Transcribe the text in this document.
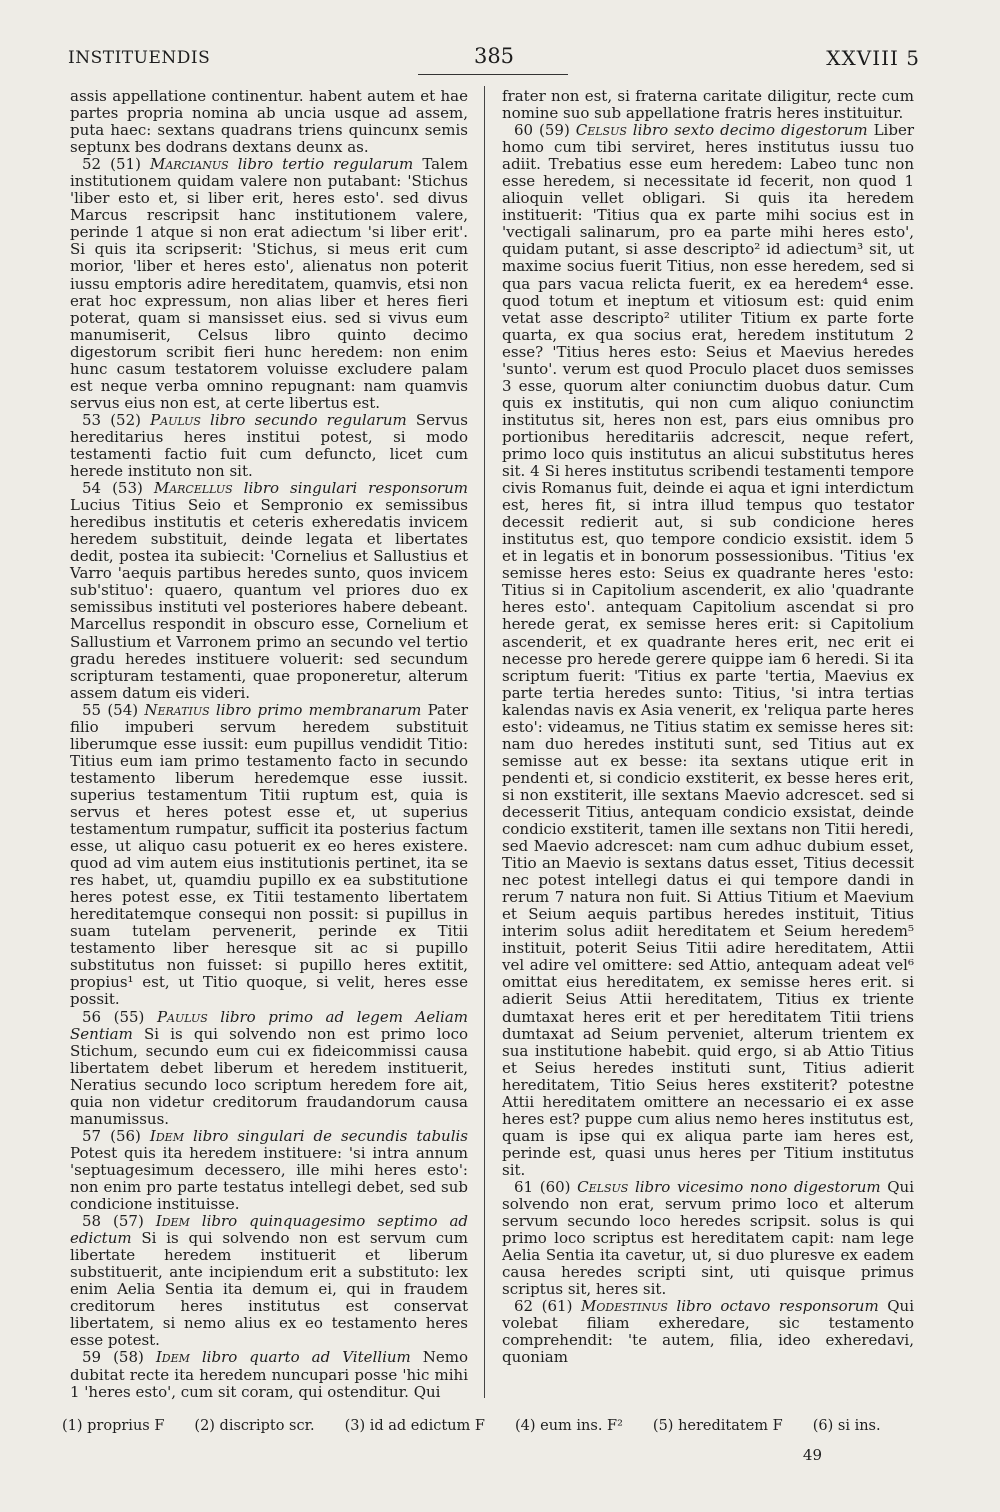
INSTITUENDIS	385	XXVIII 5

assis appellatione continentur. habent autem et hae partes propria nomina ab uncia usque ad assem, puta haec: sextans quadrans triens quincunx semis septunx bes dodrans dextans deunx as.

52 (51) Marcianus libro tertio regularum Talem institutionem quidam valere non putabant: 'Stichus 'liber esto et, si liber erit, heres esto'. sed divus Marcus rescripsit hanc institutionem valere, perinde 1 atque si non erat adiectum 'si liber erit'. Si quis ita scripserit: 'Stichus, si meus erit cum morior, 'liber et heres esto', alienatus non poterit iussu emptoris adire hereditatem, quamvis, etsi non erat hoc expressum, non alias liber et heres fieri poterat, quam si mansisset eius. sed si vivus eum manumiserit, Celsus libro quinto decimo digestorum scribit fieri hunc heredem: non enim hunc casum testatorem voluisse excludere palam est neque verba omnino repugnant: nam quamvis servus eius non est, at certe libertus est.

53 (52) Paulus libro secundo regularum Servus hereditarius heres institui potest, si modo testamenti factio fuit cum defuncto, licet cum herede instituto non sit.

54 (53) Marcellus libro singulari responsorum Lucius Titius Seio et Sempronio ex semissibus heredibus institutis et ceteris exheredatis invicem heredem substituit, deinde legata et libertates dedit, postea ita subiecit: 'Cornelius et Sallustius et Varro 'aequis partibus heredes sunto, quos invicem sub'stituo': quaero, quantum vel priores duo ex semissibus instituti vel posteriores habere debeant. Marcellus respondit in obscuro esse, Cornelium et Sallustium et Varronem primo an secundo vel tertio gradu heredes instituere voluerit: sed secundum scripturam testamenti, quae proponeretur, alterum assem datum eis videri.

55 (54) Neratius libro primo membranarum Pater filio impuberi servum heredem substituit liberumque esse iussit: eum pupillus vendidit Titio: Titius eum iam primo testamento facto in secundo testamento liberum heredemque esse iussit. superius testamentum Titii ruptum est, quia is servus et heres potest esse et, ut superius testamentum rumpatur, sufficit ita posterius factum esse, ut aliquo casu potuerit ex eo heres existere. quod ad vim autem eius institutionis pertinet, ita se res habet, ut, quamdiu pupillo ex ea substitutione heres potest esse, ex Titii testamento libertatem hereditatemque consequi non possit: si pupillus in suam tutelam pervenerit, perinde ex Titii testamento liber heresque sit ac si pupillo substitutus non fuisset: si pupillo heres extitit, propius¹ est, ut Titio quoque, si velit, heres esse possit.

56 (55) Paulus libro primo ad legem Aeliam Sentiam Si is qui solvendo non est primo loco Stichum, secundo eum cui ex fideicommissi causa libertatem debet liberum et heredem instituerit, Neratius secundo loco scriptum heredem fore ait, quia non videtur creditorum fraudandorum causa manumissus.

57 (56) Idem libro singulari de secundis tabulis Potest quis ita heredem instituere: 'si intra annum 'septuagesimum decessero, ille mihi heres esto': non enim pro parte testatus intellegi debet, sed sub condicione instituisse.

58 (57) Idem libro quinquagesimo septimo ad edictum Si is qui solvendo non est servum cum libertate heredem instituerit et liberum substituerit, ante incipiendum erit a substituto: lex enim Aelia Sentia ita demum ei, qui in fraudem creditorum heres institutus est conservat libertatem, si nemo alius ex eo testamento heres esse potest.

59 (58) Idem libro quarto ad Vitellium Nemo dubitat recte ita heredem nuncupari posse 'hic mihi 1 'heres esto', cum sit coram, qui ostenditur. Qui

frater non est, si fraterna caritate diligitur, recte cum nomine suo sub appellatione fratris heres instituitur.

60 (59) Celsus libro sexto decimo digestorum Liber homo cum tibi serviret, heres institutus iussu tuo adiit. Trebatius esse eum heredem: Labeo tunc non esse heredem, si necessitate id fecerit, non quod 1 alioquin vellet obligari. Si quis ita heredem instituerit: 'Titius qua ex parte mihi socius est in 'vectigali salinarum, pro ea parte mihi heres esto', quidam putant, si asse descripto² id adiectum³ sit, ut maxime socius fuerit Titius, non esse heredem, sed si qua pars vacua relicta fuerit, ex ea heredem⁴ esse. quod totum et ineptum et vitiosum est: quid enim vetat asse descripto² utiliter Titium ex parte forte quarta, ex qua socius erat, heredem institutum 2 esse? 'Titius heres esto: Seius et Maevius heredes 'sunto'. verum est quod Proculo placet duos semisses 3 esse, quorum alter coniunctim duobus datur. Cum quis ex institutis, qui non cum aliquo coniunctim institutus sit, heres non est, pars eius omnibus pro portionibus hereditariis adcrescit, neque refert, primo loco quis institutus an alicui substitutus heres sit. 4 Si heres institutus scribendi testamenti tempore civis Romanus fuit, deinde ei aqua et igni interdictum est, heres fit, si intra illud tempus quo testator decessit redierit aut, si sub condicione heres institutus est, quo tempore condicio exsistit. idem 5 et in legatis et in bonorum possessionibus. 'Titius 'ex semisse heres esto: Seius ex quadrante heres 'esto: Titius si in Capitolium ascenderit, ex alio 'quadrante heres esto'. antequam Capitolium ascendat si pro herede gerat, ex semisse heres erit: si Capitolium ascenderit, et ex quadrante heres erit, nec erit ei necesse pro herede gerere quippe iam 6 heredi. Si ita scriptum fuerit: 'Titius ex parte 'tertia, Maevius ex parte tertia heredes sunto: Titius, 'si intra tertias kalendas navis ex Asia venerit, ex 'reliqua parte heres esto': videamus, ne Titius statim ex semisse heres sit: nam duo heredes instituti sunt, sed Titius aut ex semisse aut ex besse: ita sextans utique erit in pendenti et, si condicio exstiterit, ex besse heres erit, si non exstiterit, ille sextans Maevio adcrescet. sed si decesserit Titius, antequam condicio exsistat, deinde condicio exstiterit, tamen ille sextans non Titii heredi, sed Maevio adcrescet: nam cum adhuc dubium esset, Titio an Maevio is sextans datus esset, Titius decessit nec potest intellegi datus ei qui tempore dandi in rerum 7 natura non fuit. Si Attius Titium et Maevium et Seium aequis partibus heredes instituit, Titius interim solus adiit hereditatem et Seium heredem⁵ instituit, poterit Seius Titii adire hereditatem, Attii vel adire vel omittere: sed Attio, antequam adeat vel⁶ omittat eius hereditatem, ex semisse heres erit. si adierit Seius Attii hereditatem, Titius ex triente dumtaxat heres erit et per hereditatem Titii triens dumtaxat ad Seium perveniet, alterum trientem ex sua institutione habebit. quid ergo, si ab Attio Titius et Seius heredes instituti sunt, Titius adierit hereditatem, Titio Seius heres exstiterit? potestne Attii hereditatem omittere an necessario ei ex asse heres est? puppe cum alius nemo heres institutus est, quam is ipse qui ex aliqua parte iam heres est, perinde est, quasi unus heres per Titium institutus sit.

61 (60) Celsus libro vicesimo nono digestorum Qui solvendo non erat, servum primo loco et alterum servum secundo loco heredes scripsit. solus is qui primo loco scriptus est hereditatem capit: nam lege Aelia Sentia ita cavetur, ut, si duo pluresve ex eadem causa heredes scripti sint, uti quisque primus scriptus sit, heres sit.

62 (61) Modestinus libro octavo responsorum Qui volebat filiam exheredare, sic testamento comprehendit: 'te autem, filia, ideo exheredavi, quoniam

(1) proprius F (2) discripto scr. (3) id ad edictum F (4) eum ins. F² (5) hereditatem F (6) si ins.
49
